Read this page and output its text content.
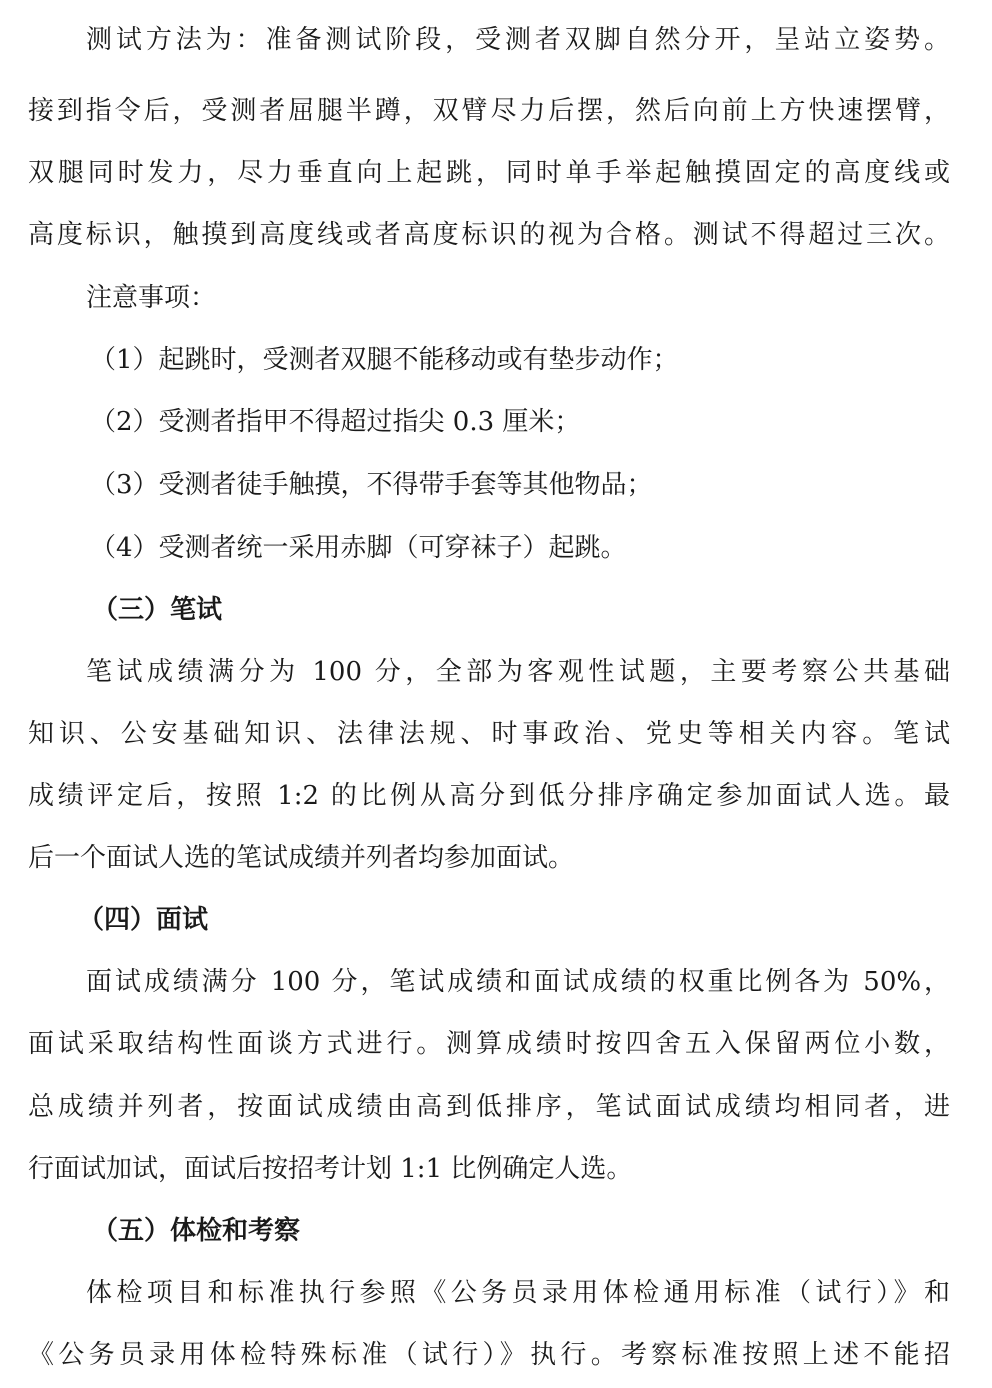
测试方法为：准备测试阶段，受测者双脚自然分开，呈站立姿势。
接到指令后，受测者屈腿半蹲，双臂尽力后摆，然后向前上方快速摆臂，
双腿同时发力，尽力垂直向上起跳，同时单手举起触摸固定的高度线或
高度标识，触摸到高度线或者高度标识的视为合格。测试不得超过三次。
注意事项：
（1）起跳时，受测者双腿不能移动或有垫步动作；
（2）受测者指甲不得超过指尖 0.3 厘米；
（3）受测者徒手触摸，不得带手套等其他物品；
（4）受测者统一采用赤脚（可穿袜子）起跳。
（三）笔试
笔试成绩满分为 100 分，全部为客观性试题，主要考察公共基础
知识、公安基础知识、法律法规、时事政治、党史等相关内容。笔试
成绩评定后，按照 1:2 的比例从高分到低分排序确定参加面试人选。最
后一个面试人选的笔试成绩并列者均参加面试。
（四）面试
面试成绩满分 100 分，笔试成绩和面试成绩的权重比例各为 50%，
面试采取结构性面谈方式进行。测算成绩时按四舍五入保留两位小数，
总成绩并列者，按面试成绩由高到低排序，笔试面试成绩均相同者，进
行面试加试，面试后按招考计划 1:1 比例确定人选。
（五）体检和考察
体检项目和标准执行参照《公务员录用体检通用标准（试行）》和
《公务员录用体检特殊标准（试行）》执行。考察标准按照上述不能招
